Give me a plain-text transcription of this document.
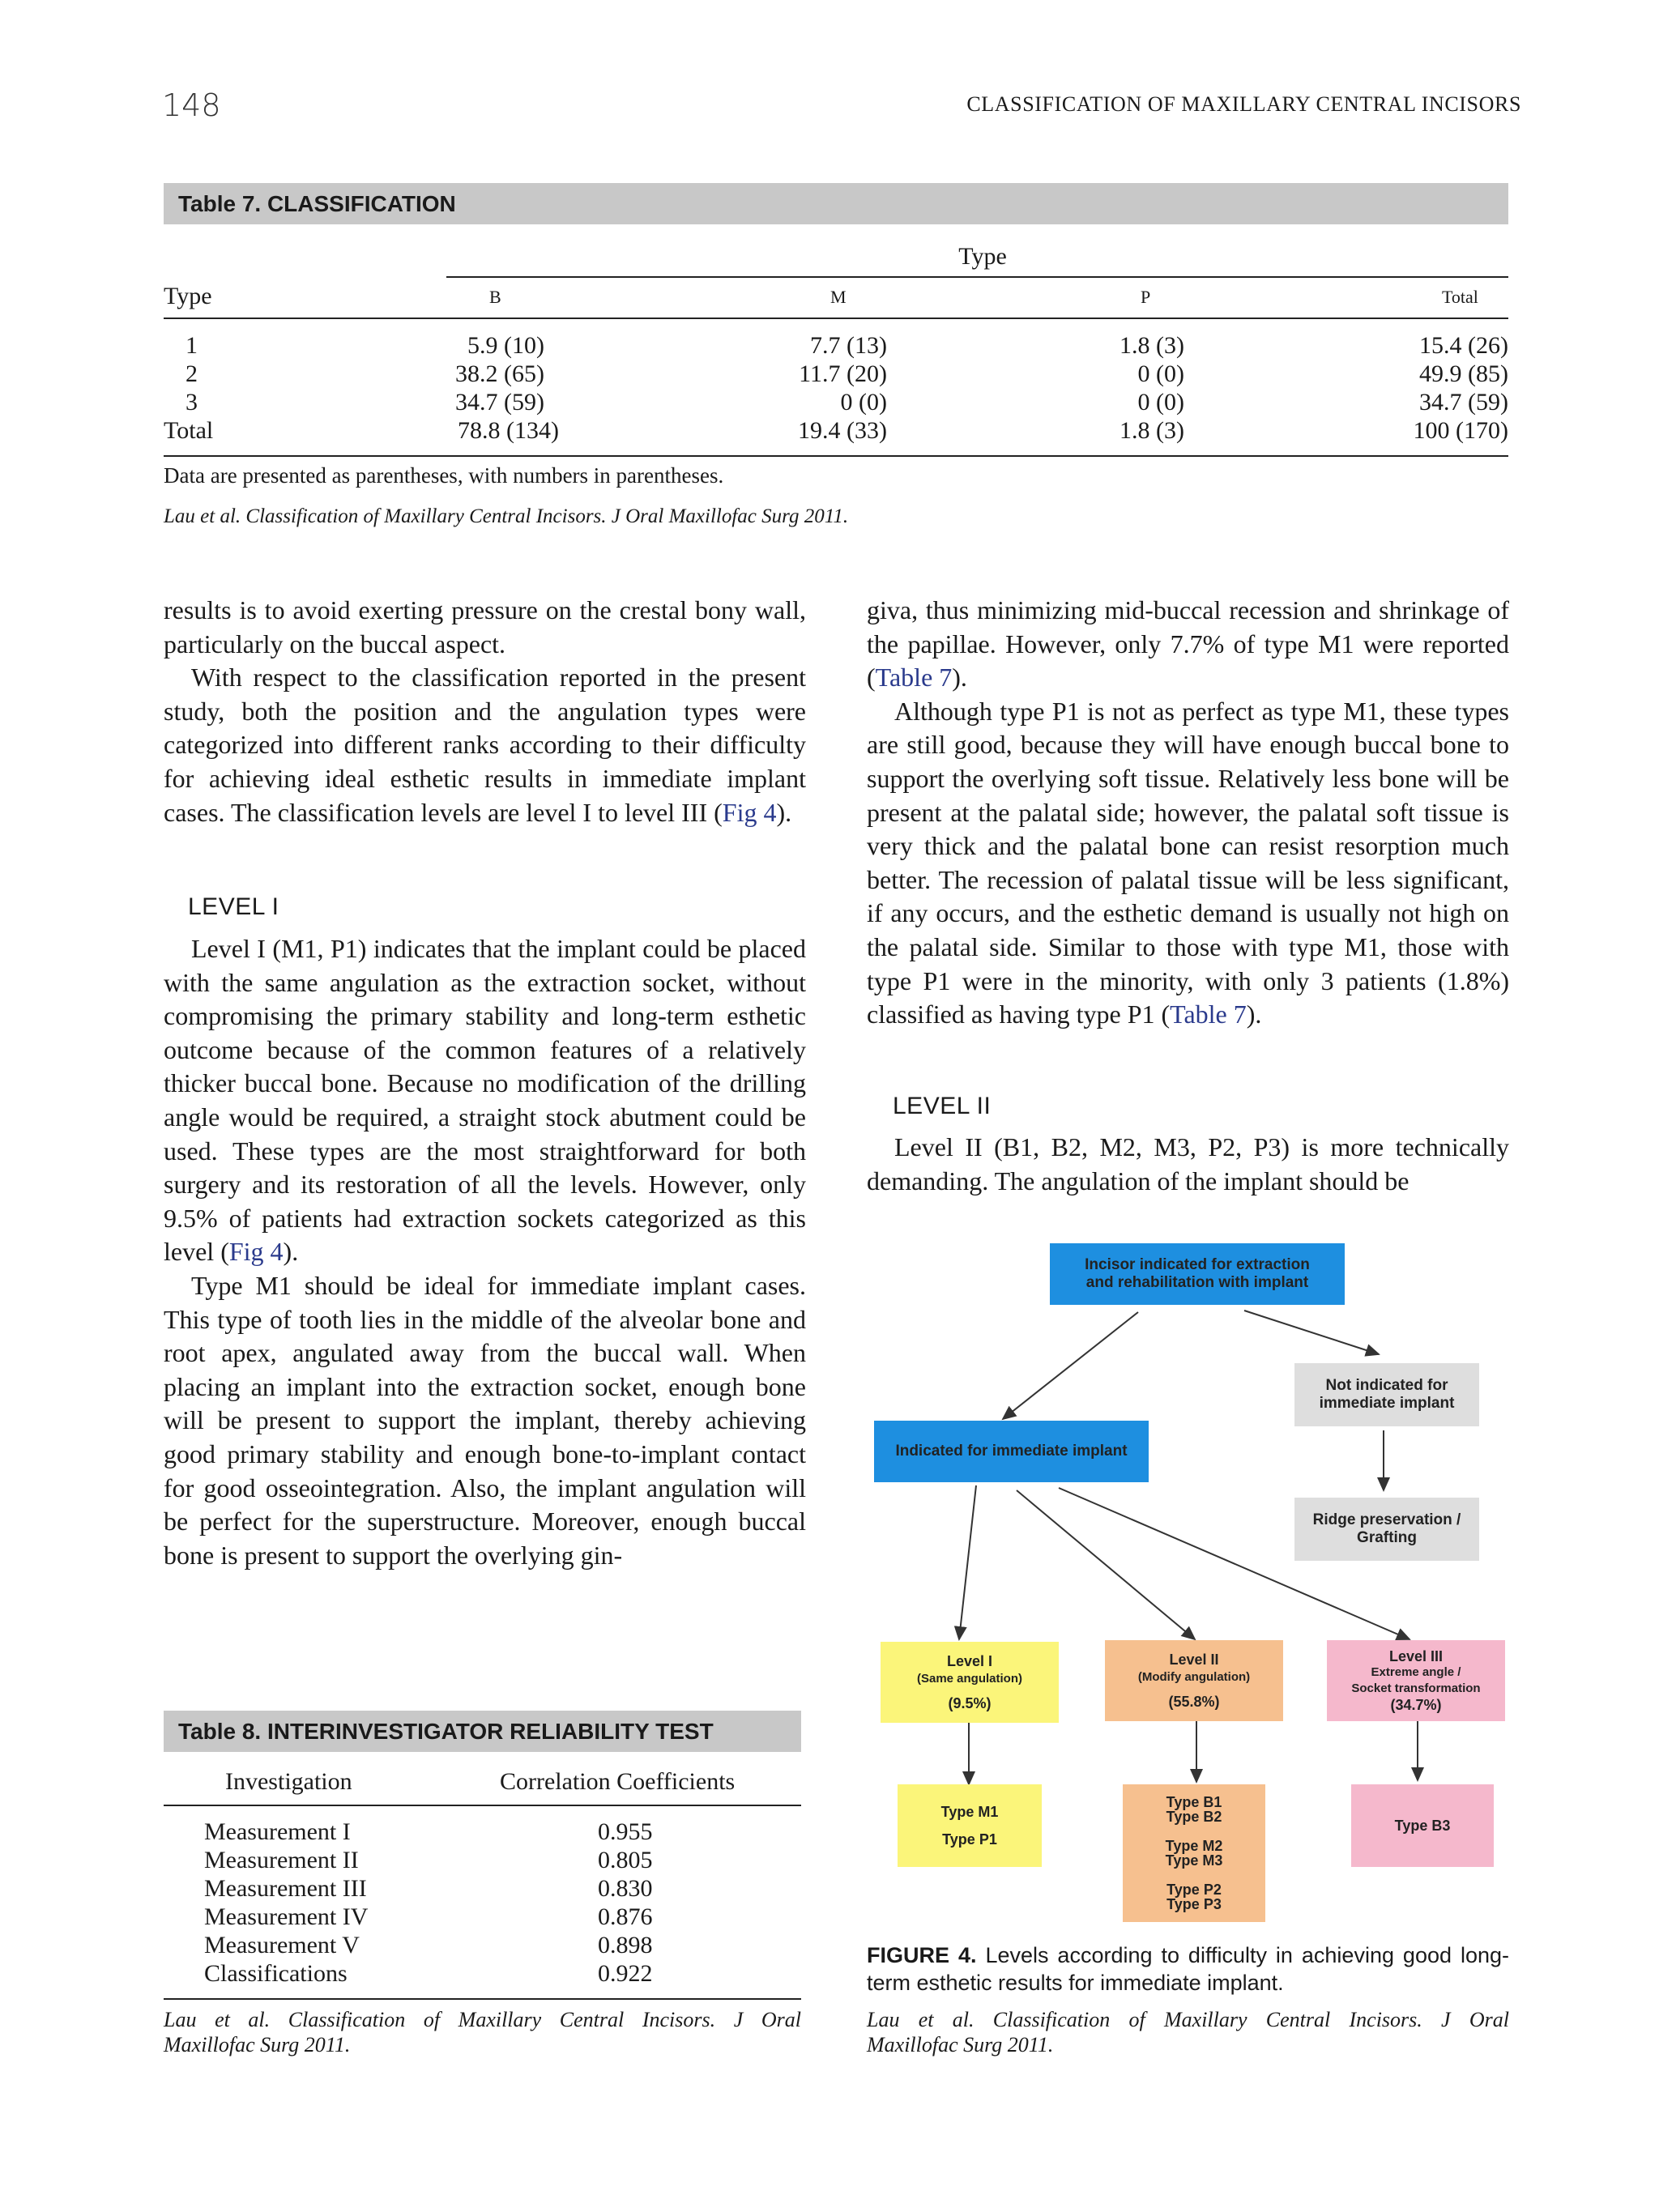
148	CLASSIFICATION OF MAXILLARY CENTRAL INCISORS
Table 7. CLASSIFICATION
Type
Type	B	M	P	Total
1	5.9 (10)	7.7 (13)	1.8 (3)	15.4 (26)
2	38.2 (65)	11.7 (20)	0 (0)	49.9 (85)
3	34.7 (59)	0 (0)	0 (0)	34.7 (59)
Total	78.8 (134)	19.4 (33)	1.8 (3)	100 (170)
Data are presented as parentheses, with numbers in parentheses.
Lau et al. Classification of Maxillary Central Incisors. J Oral Maxillofac Surg 2011.

results is to avoid exerting pressure on the crestal bony wall, particularly on the buccal aspect.

With respect to the classification reported in the present study, both the position and the angulation types were categorized into different ranks according to their difficulty for achieving ideal esthetic results in immediate implant cases. The classification levels are level I to level III (Fig 4).

LEVEL I

Level I (M1, P1) indicates that the implant could be placed with the same angulation as the extraction socket, without compromising the primary stability and long-term esthetic outcome because of the common features of a relatively thicker buccal bone. Because no modification of the drilling angle would be required, a straight stock abutment could be used. These types are the most straightforward for both surgery and its restoration of all the levels. However, only 9.5% of patients had extraction sockets categorized as this level (Fig 4).

Type M1 should be ideal for immediate implant cases. This type of tooth lies in the middle of the alveolar bone and root apex, angulated away from the buccal wall. When placing an implant into the extraction socket, enough bone will be present to support the implant, thereby achieving good primary stability and enough bone-to-implant contact for good osseointegration. Also, the implant angulation will be perfect for the superstructure. Moreover, enough buccal bone is present to support the overlying gin-

giva, thus minimizing mid-buccal recession and shrinkage of the papillae. However, only 7.7% of type M1 were reported (Table 7).

Although type P1 is not as perfect as type M1, these types are still good, because they will have enough buccal bone to support the overlying soft tissue. Relatively less bone will be present at the palatal side; however, the palatal soft tissue is very thick and the palatal bone can resist resorption much better. The recession of palatal tissue will be less significant, if any occurs, and the esthetic demand is usually not high on the palatal side. Similar to those with type M1, those with type P1 were in the minority, with only 3 patients (1.8%) classified as having type P1 (Table 7).

LEVEL II

Level II (B1, B2, M2, M3, P2, P3) is more technically demanding. The angulation of the implant should be

Table 8. INTERINVESTIGATOR RELIABILITY TEST
Investigation	Correlation Coefficients
Measurement I	0.955
Measurement II	0.805
Measurement III	0.830
Measurement IV	0.876
Measurement V	0.898
Classifications	0.922
Lau et al. Classification of Maxillary Central Incisors. J Oral
Maxillofac Surg 2011.
Incisor indicated for extraction
and rehabilitation with implant
Not indicated for
immediate implant
Ridge preservation /
Grafting
Indicated for immediate implant
Level I
(Same angulation)
(9.5%)
Level II
(Modify angulation)
(55.8%)
Level III
Extreme angle /
Socket transformation
(34.7%)
Type M1
Type P1
Type B1
Type B2
Type M2
Type M3
Type P2
Type P3
Type B3
FIGURE 4. Levels according to difficulty in achieving good long-term esthetic results for immediate implant.
Lau et al. Classification of Maxillary Central Incisors. J Oral
Maxillofac Surg 2011.
